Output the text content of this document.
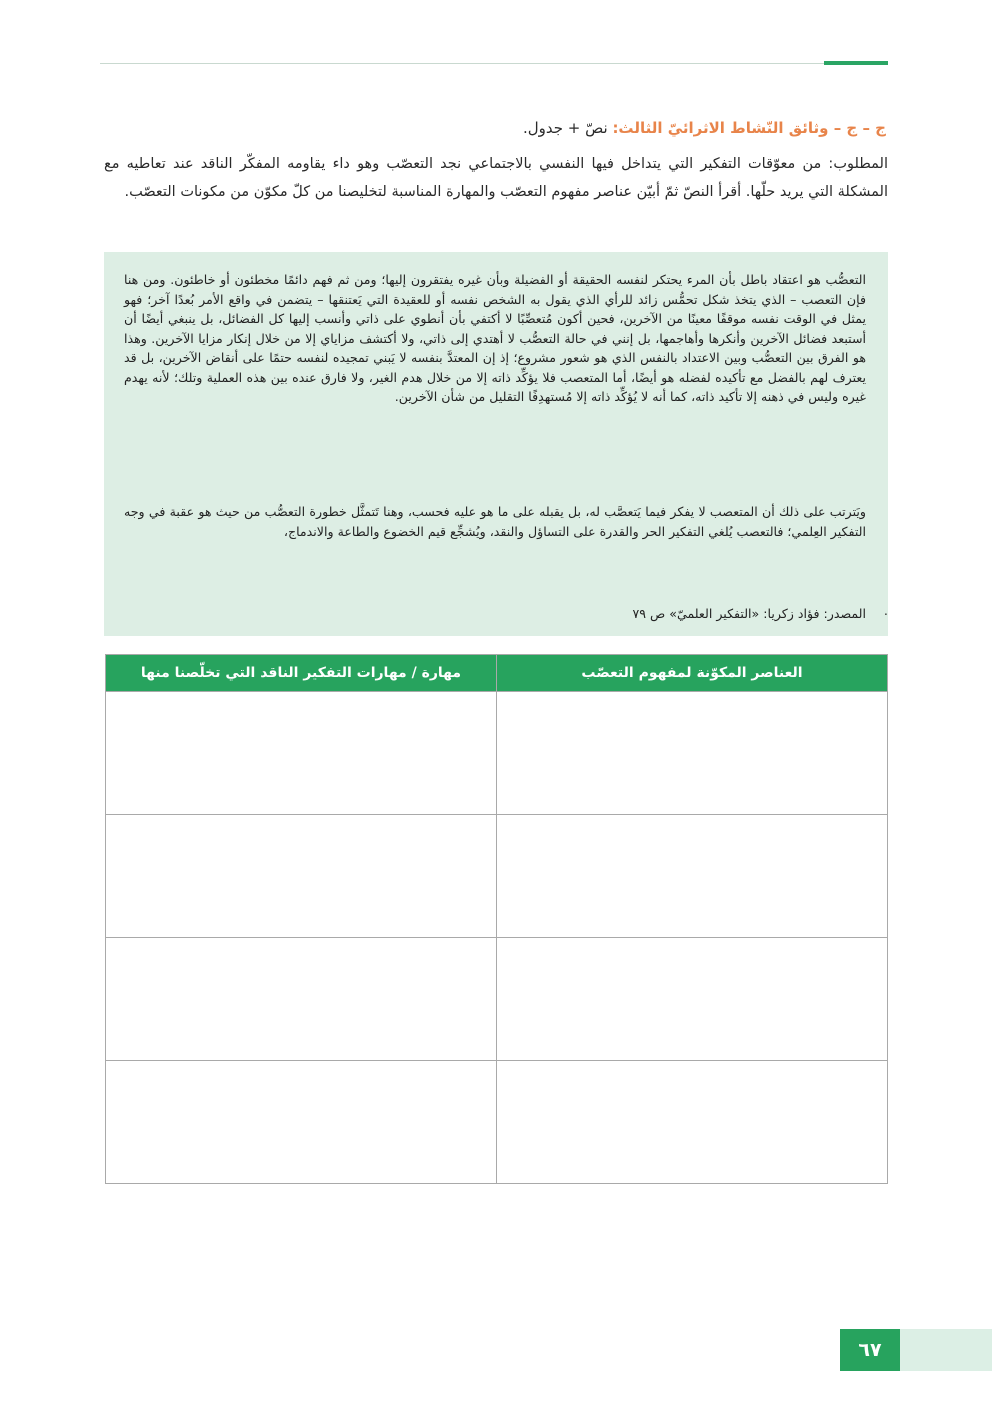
ج – ج – وثائق النّشاط الاثرائيّ الثالث: نصّ + جدول.
المطلوب: من معوّقات التفكير التي يتداخل فيها النفسي بالاجتماعي نجد التعصّب وهو داء يقاومه المفكّر الناقد عند تعاطيه مع المشكلة التي يريد حلّها. أقرأ النصّ ثمّ أبيّن عناصر مفهوم التعصّب والمهارة المناسبة لتخليصنا من كلّ مكوّن من مكونات التعصّب.
التعصُّب هو اعتقاد باطل بأن المرء يحتكر لنفسه الحقيقة أو الفضيلة وبأن غيره يفتقرون إليها؛ ومن ثم فهم دائمًا مخطئون أو خاطئون. ومن هنا فإن التعصب – الذي يتخذ شكل تحمُّس زائد للرأي الذي يقول به الشخص نفسه أو للعقيدة التي يَعتنقها – يتضمن في واقع الأمر بُعدًا آخر؛ فهو يمثل في الوقت نفسه موقفًا معينًا من الآخرين، فحين أكون مُتعصِّبًا لا أكتفي بأن أنطوي على ذاتي وأنسب إليها كل الفضائل، بل ينبغي أيضًا أن أستبعد فضائل الآخرين وأنكرها وأهاجمها، بل إنني في حالة التعصُّب لا أهتدي إلى ذاتي، ولا أكتشف مزاياي إلا من خلال إنكار مزايا الآخرين. وهذا هو الفرق بين التعصُّب وبين الاعتداد بالنفس الذي هو شعور مشروع؛ إذ إن المعتدَّ بنفسه لا يَبني تمجيده لنفسه حتمًا على أنقاض الآخرين، بل قد يعترف لهم بالفضل مع تأكيده لفضله هو أيضًا، أما المتعصب فلا يؤكِّد ذاته إلا من خلال هدم الغير، ولا فارق عنده بين هذه العملية وتلك؛ لأنه يهدم غيره وليس في ذهنه إلا تأكيد ذاته، كما أنه لا يُؤكِّد ذاته إلا مُستهدِفًا التقليل من شأن الآخرين.
ويَترتب على ذلك أن المتعصب لا يفكر فيما يَتعصَّب له، بل يقبله على ما هو عليه فحسب، وهنا تَتمثَّل خطورة التعصُّب من حيث هو عقبة في وجه التفكير العِلمي؛ فالتعصب يُلغي التفكير الحر والقدرة على التساؤل والنقد، ويُشجِّع قيم الخضوع والطاعة والاندماج،
المصدر: فؤاد زكريا: «التفكير العلميّ» ص ٧٩ .
العناصر المكوّنة لمفهوم التعصّب	مهارة / مهارات التفكير الناقد التي تخلّصنا منها

٦٧
